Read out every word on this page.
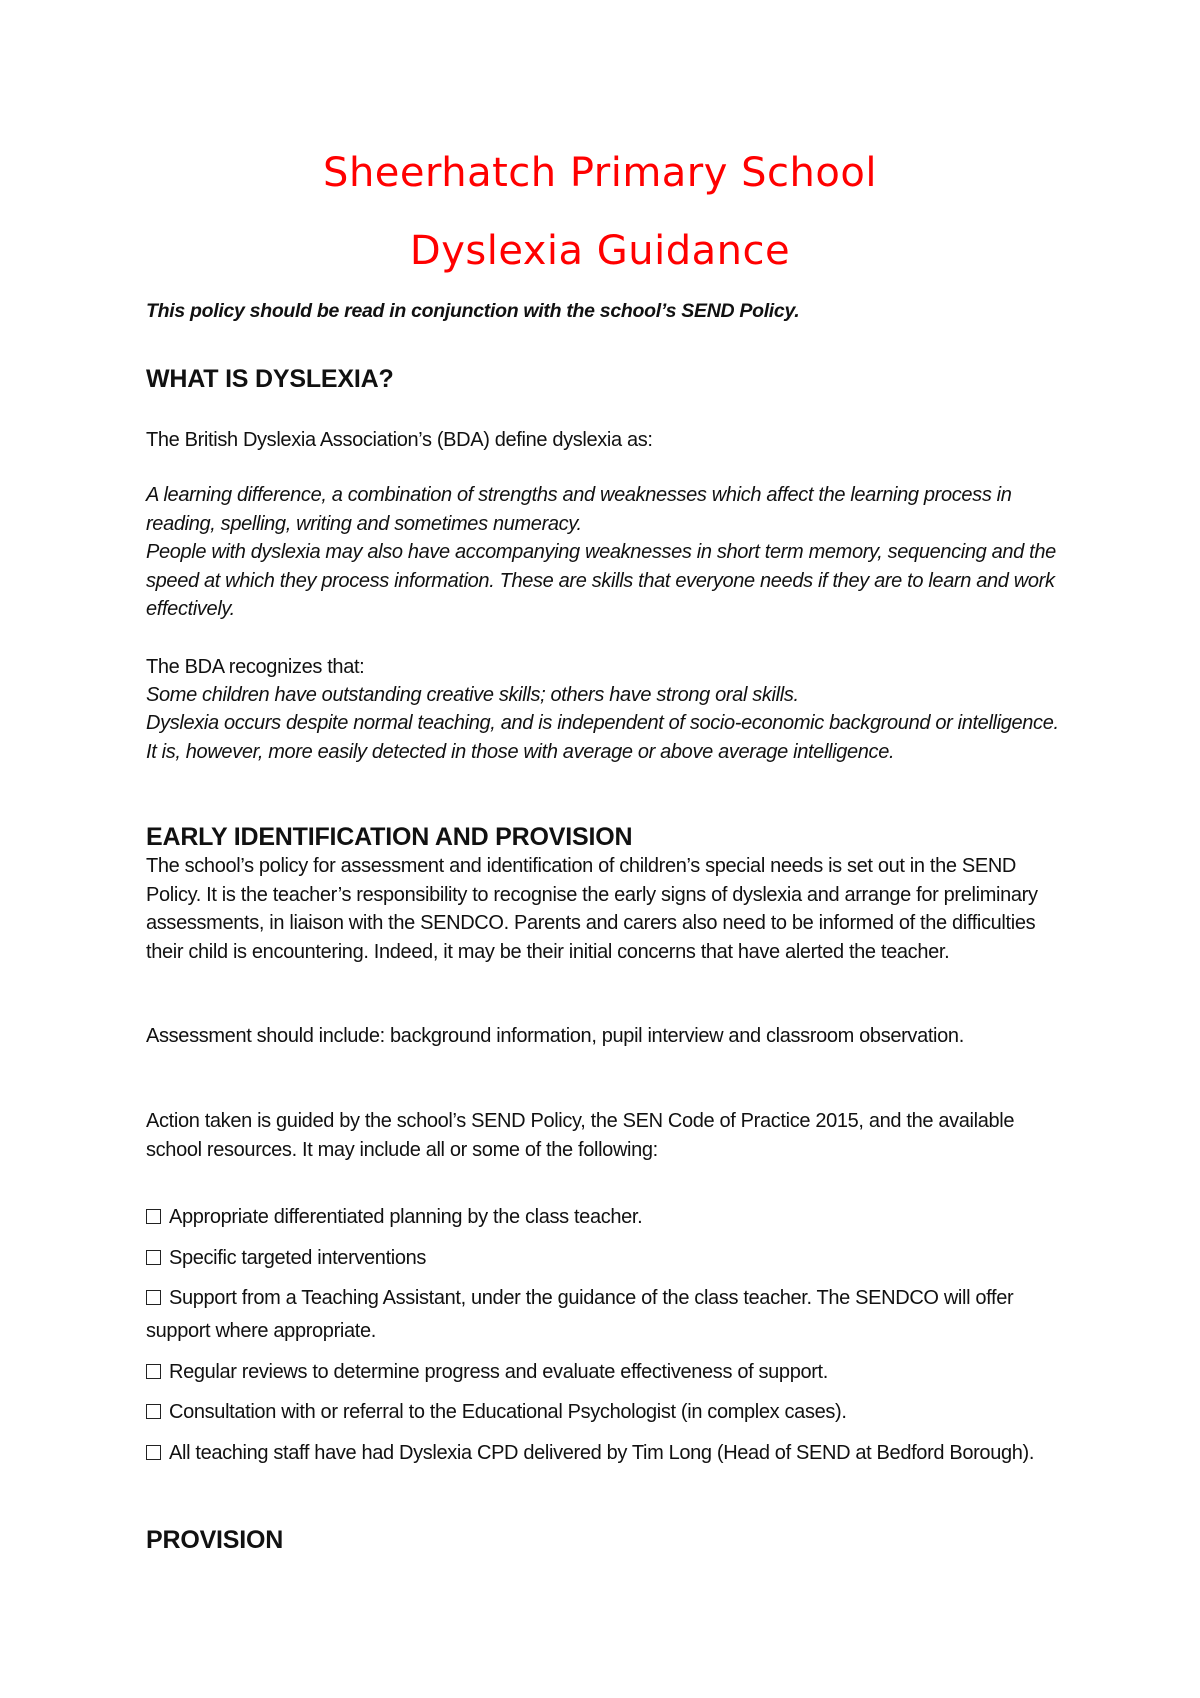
Sheerhatch Primary School
Dyslexia Guidance

This policy should be read in conjunction with the school’s SEND Policy.

WHAT IS DYSLEXIA?

The British Dyslexia Association’s (BDA) define dyslexia as:

A learning difference, a combination of strengths and weaknesses which affect the learning process in reading, spelling, writing and sometimes numeracy.
People with dyslexia may also have accompanying weaknesses in short term memory, sequencing and the speed at which they process information. These are skills that everyone needs if they are to learn and work effectively.

The BDA recognizes that:

Some children have outstanding creative skills; others have strong oral skills.

Dyslexia occurs despite normal teaching, and is independent of socio-economic background or intelligence. It is, however, more easily detected in those with average or above average intelligence.

EARLY IDENTIFICATION AND PROVISION

The school’s policy for assessment and identification of children’s special needs is set out in the SEND Policy. It is the teacher’s responsibility to recognise the early signs of dyslexia and arrange for preliminary assessments, in liaison with the SENDCO. Parents and carers also need to be informed of the difficulties their child is encountering. Indeed, it may be their initial concerns that have alerted the teacher.

Assessment should include: background information, pupil interview and classroom observation.

Action taken is guided by the school’s SEND Policy, the SEN Code of Practice 2015, and the available school resources. It may include all or some of the following:

Appropriate differentiated planning by the class teacher.
Specific targeted interventions
Support from a Teaching Assistant, under the guidance of the class teacher. The SENDCO will offer support where appropriate.
Regular reviews to determine progress and evaluate effectiveness of support.
Consultation with or referral to the Educational Psychologist (in complex cases).
All teaching staff have had Dyslexia CPD delivered by Tim Long (Head of SEND at Bedford Borough).
PROVISION
